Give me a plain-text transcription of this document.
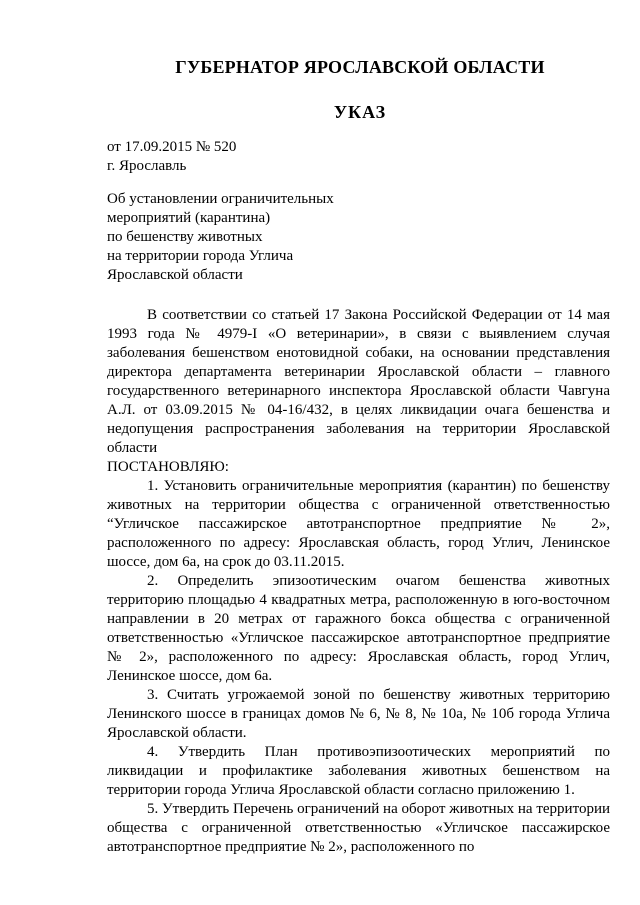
ГУБЕРНАТОР ЯРОСЛАВСКОЙ ОБЛАСТИ
УКАЗ
от 17.09.2015 № 520
г. Ярославль
Об установлении ограничительных
мероприятий (карантина)
по бешенству животных
на территории города Углича
Ярославской области

В соответствии со статьей 17 Закона Российской Федерации от 14 мая 1993 года № 4979-I «О ветеринарии», в связи с выявлением случая заболевания бешенством енотовидной собаки, на основании представления директора департамента ветеринарии Ярославской области – главного государственного ветеринарного инспектора Ярославской области Чавгуна А.Л. от 03.09.2015 № 04-16/432, в целях ликвидации очага бешенства и недопущения распространения заболевания на территории Ярославской области

ПОСТАНОВЛЯЮ:

1. Установить ограничительные мероприятия (карантин) по бешенству животных на территории общества с ограниченной ответственностью “Угличское пассажирское автотранспортное предприятие № 2», расположенного по адресу: Ярославская область, город Углич, Ленинское шоссе, дом 6а, на срок до 03.11.2015.

2. Определить эпизоотическим очагом бешенства животных территорию площадью 4 квадратных метра, расположенную в юго-восточном направлении в 20 метрах от гаражного бокса общества с ограниченной ответственностью «Угличское пассажирское автотранспортное предприятие № 2», расположенного по адресу: Ярославская область, город Углич, Ленинское шоссе, дом 6а.

3. Считать угрожаемой зоной по бешенству животных территорию Ленинского шоссе в границах домов № 6, № 8, № 10а, № 10б города Углича Ярославской области.

4. Утвердить План противоэпизоотических мероприятий по ликвидации и профилактике заболевания животных бешенством на территории города Углича Ярославской области согласно приложению 1.

5. Утвердить Перечень ограничений на оборот животных на территории общества с ограниченной ответственностью «Угличское пассажирское автотранспортное предприятие № 2», расположенного по
